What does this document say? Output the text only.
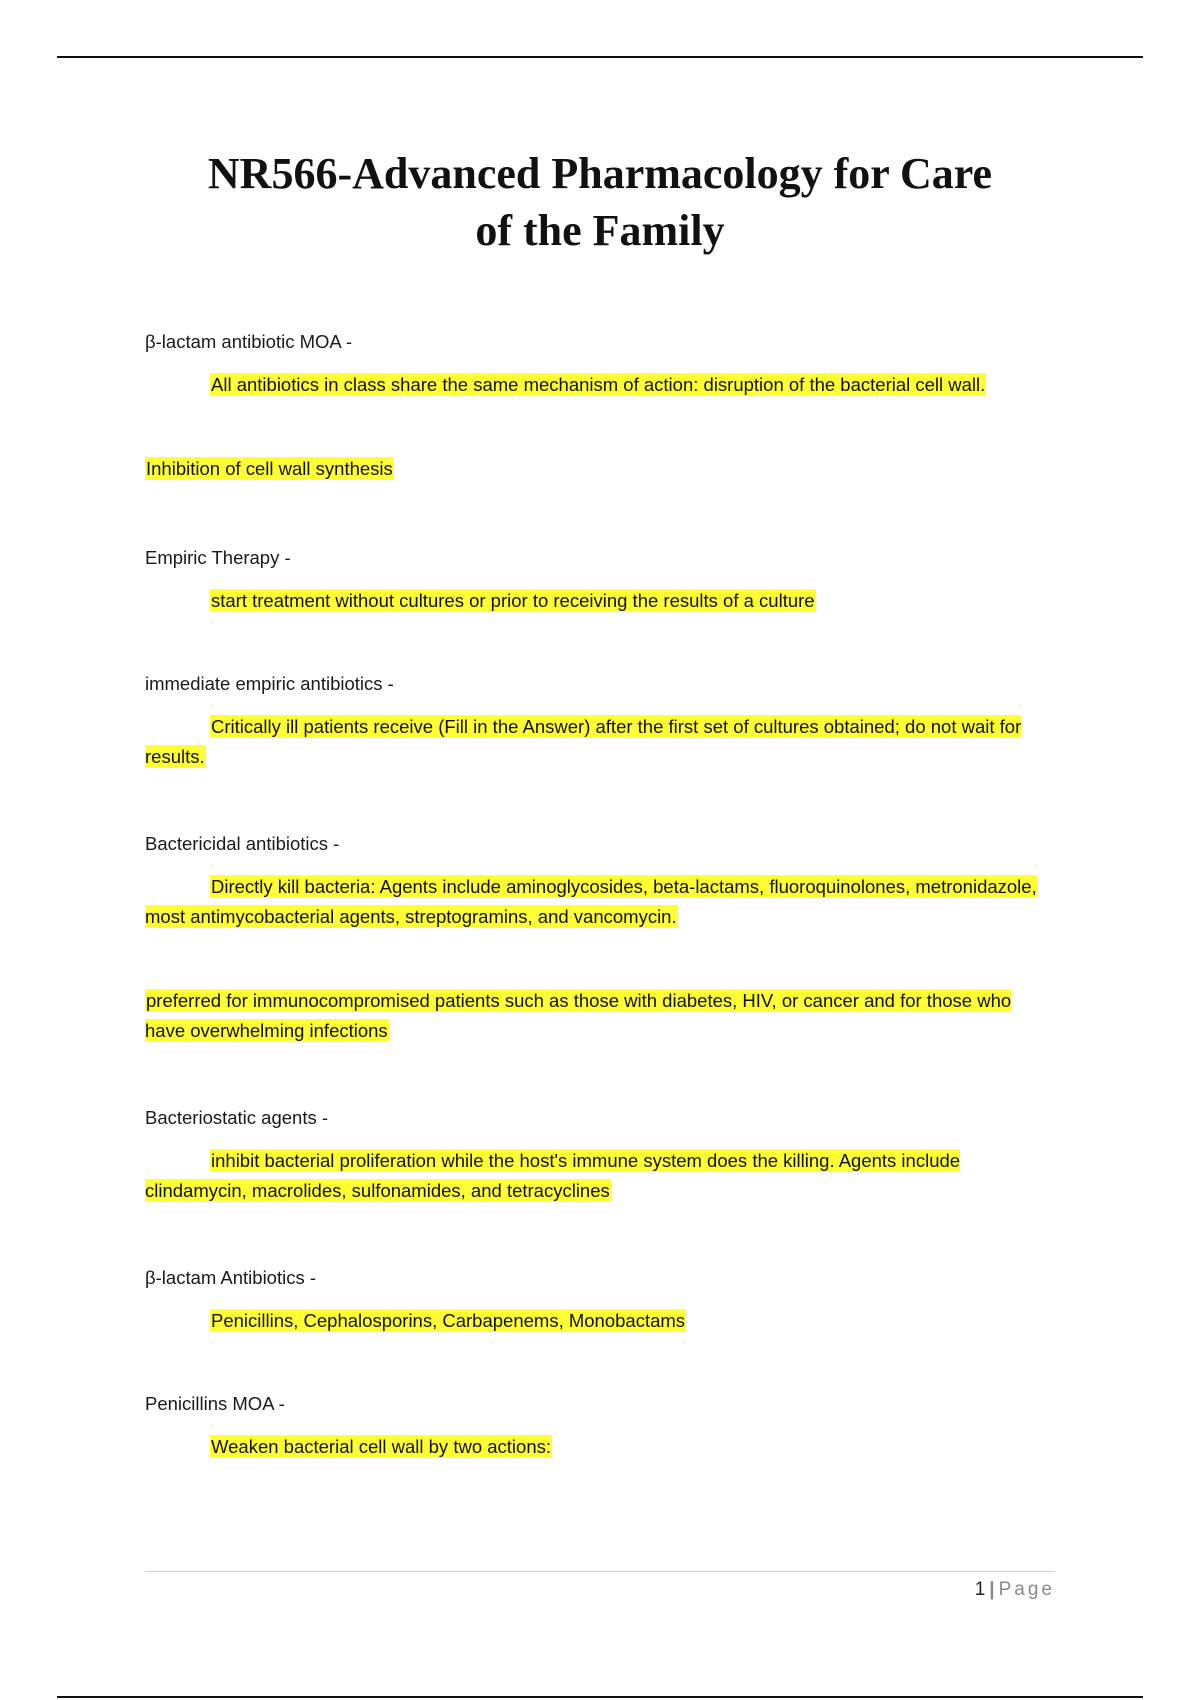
NR566-Advanced Pharmacology for Care
of the Family

β-lactam antibiotic MOA -

All antibiotics in class share the same mechanism of action: disruption of the bacterial cell wall.

Inhibition of cell wall synthesis

Empiric Therapy -

start treatment without cultures or prior to receiving the results of a culture

immediate empiric antibiotics -

Critically ill patients receive (Fill in the Answer) after the first set of cultures obtained; do not wait for results.

Bactericidal antibiotics -

Directly kill bacteria: Agents include aminoglycosides, beta-lactams, fluoroquinolones, metronidazole, most antimycobacterial agents, streptogramins, and vancomycin.

preferred for immunocompromised patients such as those with diabetes, HIV, or cancer and for those who have overwhelming infections

Bacteriostatic agents -

inhibit bacterial proliferation while the host's immune system does the killing. Agents include clindamycin, macrolides, sulfonamides, and tetracyclines

β-lactam Antibiotics -

Penicillins, Cephalosporins, Carbapenems, Monobactams

Penicillins MOA -

Weaken bacterial cell wall by two actions:

1 | Page
